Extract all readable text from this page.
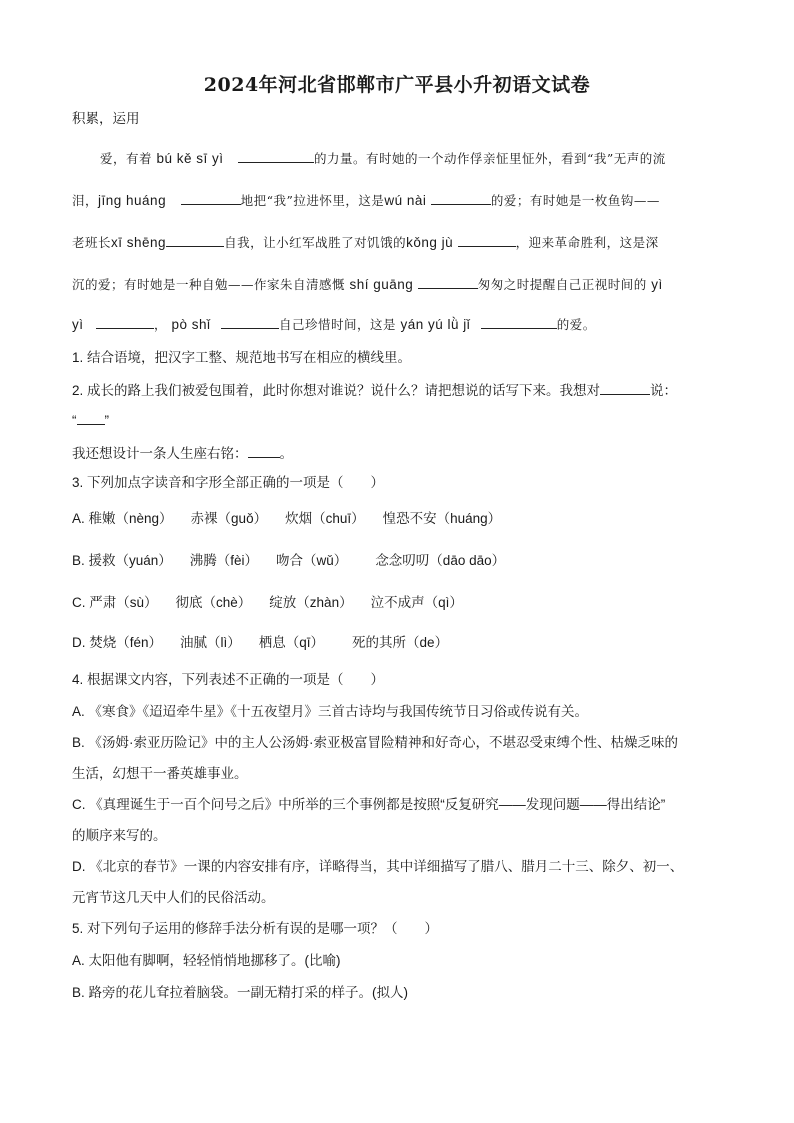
2024年河北省邯郸市广平县小升初语文试卷
积累，运用
爱，有着 bú kě sī yì	的力量。有时她的一个动作俘亲怔里怔外，看到“我”无声的流
泪，jīng huáng	地把“我”拉进怀里，这是wú nài	的爱；有时她是一枚鱼钩——
老班长xī shēng	自我，让小红军战胜了对饥饿的kǒng jù	，迎来革命胜利，这是深
沉的爱；有时她是一种自勉——作家朱自清感慨 shí guāng	匆匆之时提醒自己正视时间的 yì
yì	， pò shǐ	自己珍惜时间，这是 yán yú lǜ jǐ	的爱。
1. 结合语境，把汉字工整、规范地书写在相应的横线里。
2. 成长的路上我们被爱包围着，此时你想对谁说？说什么？请把想说的话写下来。我想对	说：
“ ”
我还想设计一条人生座右铭： 。
3. 下列加点字读音和字形全部正确的一项是（　　）
A. 稚嫩（nèng） 赤裸（guǒ） 炊烟（chuī） 惶恐不安（huáng）
B. 援救（yuán） 沸腾（fèi） 吻合（wǔ） 念念叨叨（dāo dāo）
C. 严肃（sù） 彻底（chè） 绽放（zhàn） 泣不成声（qì）
D. 焚烧（fén） 油腻（lì） 栖息（qī） 死的其所（de）
4. 根据课文内容，下列表述不正确的一项是（　　）
A. 《寒食》《迢迢牵牛星》《十五夜望月》三首古诗均与我国传统节日习俗或传说有关。
B. 《汤姆·索亚历险记》中的主人公汤姆·索亚极富冒险精神和好奇心，不堪忍受束缚个性、枯燥乏味的
生活，幻想干一番英雄事业。
C. 《真理诞生于一百个问号之后》中所举的三个事例都是按照“反复研究——发现问题——得出结论”
的顺序来写的。
D. 《北京的春节》一课的内容安排有序，详略得当，其中详细描写了腊八、腊月二十三、除夕、初一、
元宵节这几天中人们的民俗活动。
5. 对下列句子运用的修辞手法分析有误的是哪一项？（　　）
A. 太阳他有脚啊，轻轻悄悄地挪移了。(比喻)
B. 路旁的花儿耷拉着脑袋。一副无精打采的样子。(拟人)
